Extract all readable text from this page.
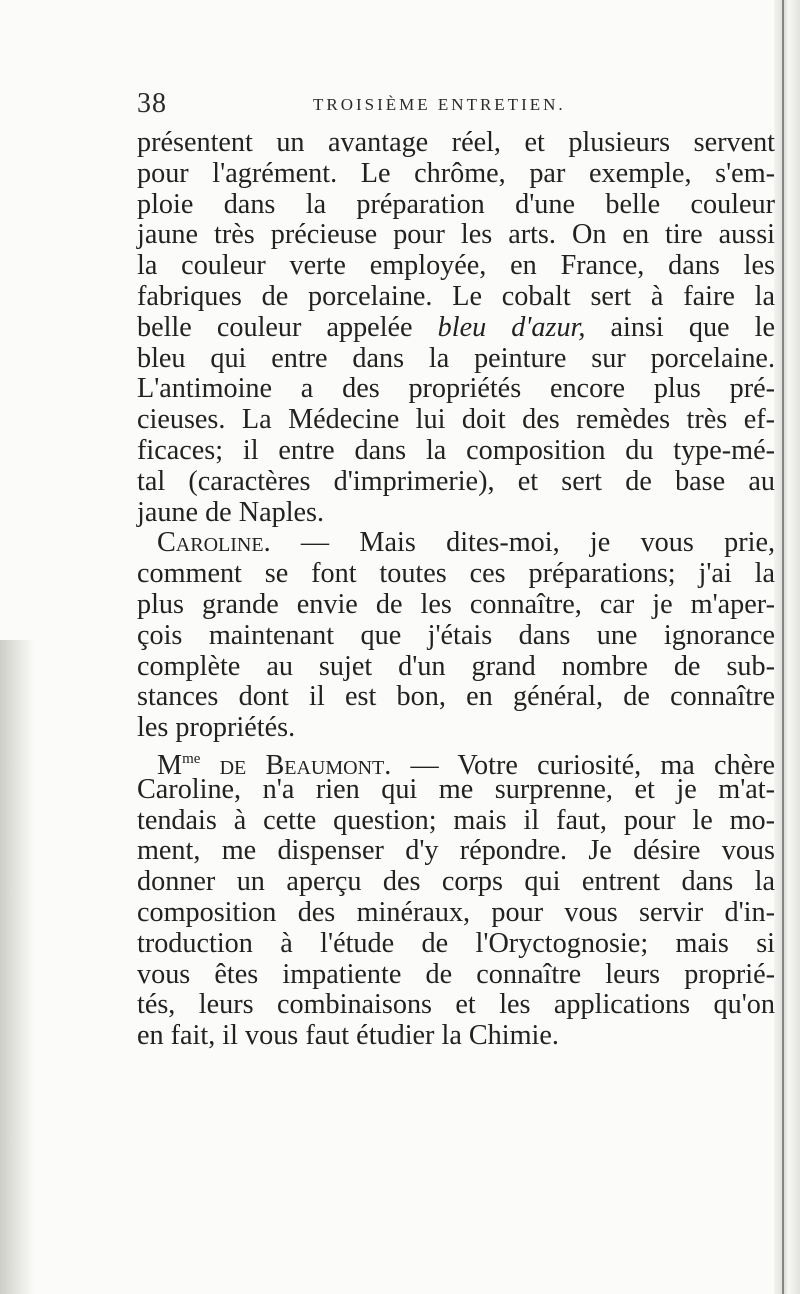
38	TROISIÈME ENTRETIEN.
présentent un avantage réel, et plusieurs servent
pour l'agrément. Le chrôme, par exemple, s'em-
ploie dans la préparation d'une belle couleur
jaune très précieuse pour les arts. On en tire aussi
la couleur verte employée, en France, dans les
fabriques de porcelaine. Le cobalt sert à faire la
belle couleur appelée bleu d'azur, ainsi que le
bleu qui entre dans la peinture sur porcelaine.
L'antimoine a des propriétés encore plus pré-
cieuses. La Médecine lui doit des remèdes très ef-
ficaces; il entre dans la composition du type-mé-
tal (caractères d'imprimerie), et sert de base au
jaune de Naples.
Caroline. — Mais dites-moi, je vous prie,
comment se font toutes ces préparations; j'ai la
plus grande envie de les connaître, car je m'aper-
çois maintenant que j'étais dans une ignorance
complète au sujet d'un grand nombre de sub-
stances dont il est bon, en général, de connaître
les propriétés.
$M^{me}$ de Beaumont. — Votre curiosité, ma chère
Caroline, n'a rien qui me surprenne, et je m'at-
tendais à cette question; mais il faut, pour le mo-
ment, me dispenser d'y répondre. Je désire vous
donner un aperçu des corps qui entrent dans la
composition des minéraux, pour vous servir d'in-
troduction à l'étude de l'Oryctognosie; mais si
vous êtes impatiente de connaître leurs proprié-
tés, leurs combinaisons et les applications qu'on
en fait, il vous faut étudier la Chimie.
